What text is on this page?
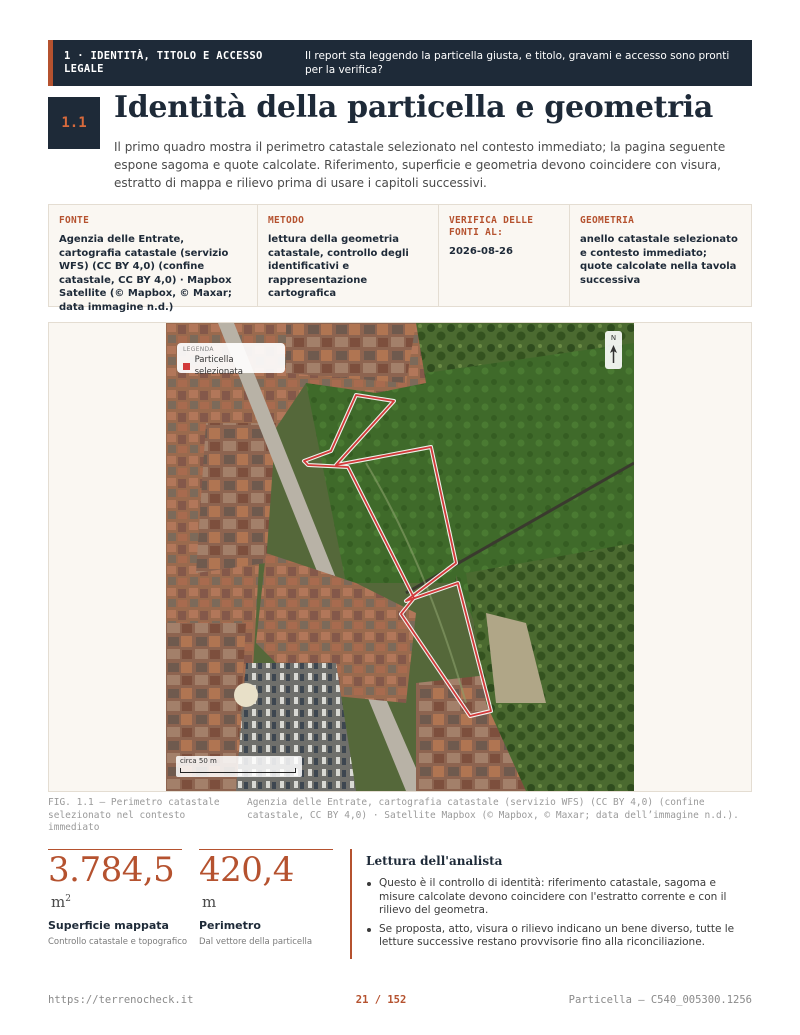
1 · IDENTITÀ, TITOLO E ACCESSO LEGALE
Il report sta leggendo la particella giusta, e titolo, gravami e accesso sono pronti per la verifica?
1.1 Identità della particella e geometria

Il primo quadro mostra il perimetro catastale selezionato nel contesto immediato; la pagina seguente espone sagoma e quote calcolate. Riferimento, superficie e geometria devono coincidere con visura, estratto di mappa e rilievo prima di usare i capitoli successivi.

FONTE
Agenzia delle Entrate, cartografia catastale (servizio WFS) (CC BY 4,0) (confine catastale, CC BY 4,0) · Mapbox Satellite (© Mapbox, © Maxar; data immagine n.d.)
METODO
lettura della geometria catastale, controllo degli identificativi e rappresentazione cartografica
VERIFICA DELLE FONTI AL:
2026-08-26
GEOMETRIA
anello catastale selezionato e contesto immediato; quote calcolate nella tavola successiva
LEGENDA
Particella selezionata
N
circa 50 m
FIG. 1.1 — Perimetro catastale selezionato nel contesto immediato
Agenzia delle Entrate, cartografia catastale (servizio WFS) (CC BY 4,0) (confine catastale, CC BY 4,0) · Satellite Mapbox (© Mapbox, © Maxar; data dell’immagine n.d.).
3.784,5
$m^2$
Superficie mappata
Controllo catastale e topografico
420,4
m
Perimetro
Dal vettore della particella
Lettura dell'analista
Questo è il controllo di identità: riferimento catastale, sagoma e misure calcolate devono coincidere con l'estratto corrente e con il rilievo del geometra.
Se proposta, atto, visura o rilievo indicano un bene diverso, tutte le letture successive restano provvisorie fino alla riconciliazione.
https://terrenocheck.it	21 / 152	Particella — C540_005300.1256
